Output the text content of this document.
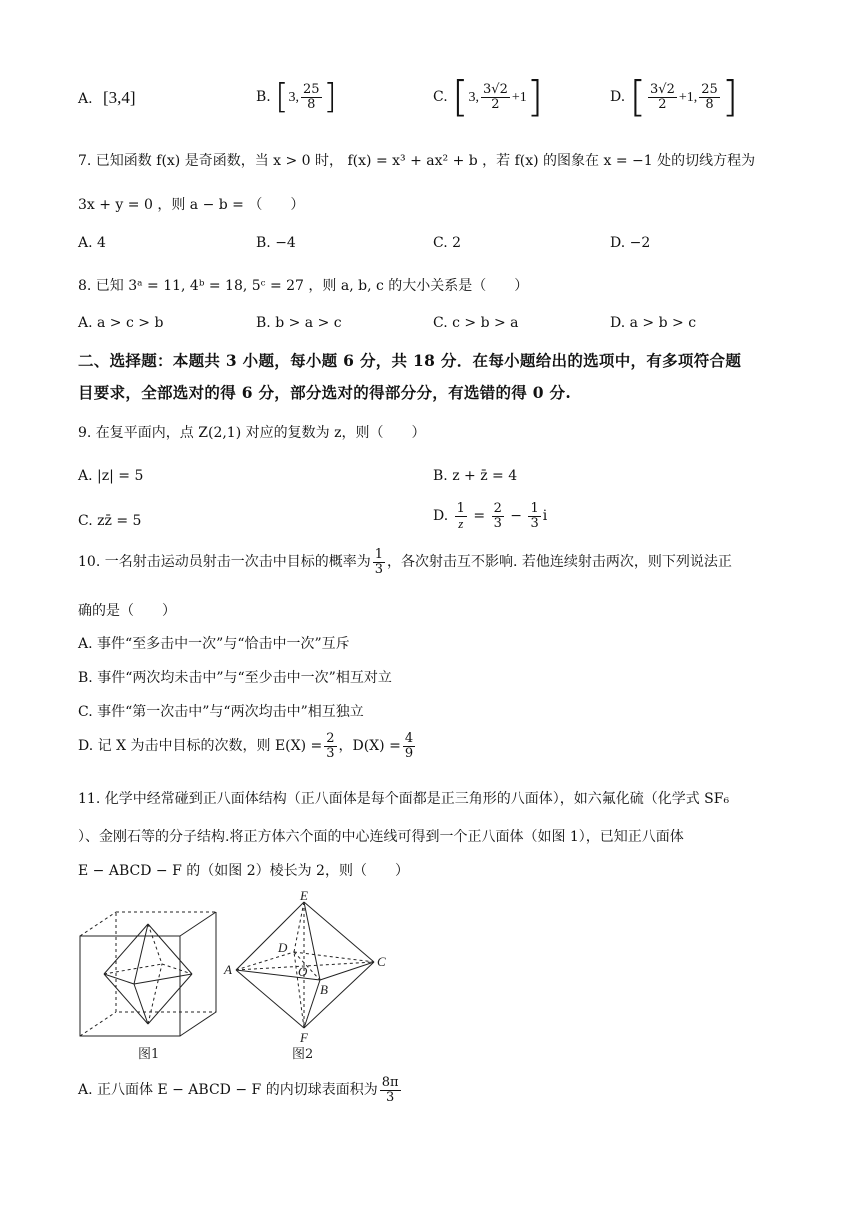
A. [3,4]	B. [3, $\frac{25}{8}$ ]	C. [3, $\frac{3√2}{2} +1$]	D. [ $\frac{3√2}{2} +1$, $\frac{25}{8}$ ]
7. 已知函数 f(x) 是奇函数，当 x > 0 时， f(x) = x³ + ax² + b ，若 f(x) 的图象在 x = −1 处的切线方程为
3x + y = 0 ，则 a − b = （　　）
A. 4	B. −4	C. 2	D. −2
8. 已知 3ᵃ = 11, 4ᵇ = 18, 5ᶜ = 27 ，则 a, b, c 的大小关系是（　　）
A. a > c > b	B. b > a > c	C. c > b > a	D. a > b > c
二、选择题：本题共 3 小题，每小题 6 分，共 18 分．在每小题给出的选项中，有多项符合题
目要求，全部选对的得 6 分，部分选对的得部分分，有选错的得 0 分.
9. 在复平面内，点 Z(2,1) 对应的复数为 z，则（　　）
A. |z| = 5	B. z + z̄ = 4
C. zz̄ = 5	D. $\frac{1}{z} = \frac{2}{3} - \frac{1}{3}$ i
10. 一名射击运动员射击一次击中目标的概率为 $\frac{1}{3}$ ，各次射击互不影响. 若他连续射击两次，则下列说法正
确的是（　　）
A. 事件“至多击中一次”与“恰击中一次”互斥
B. 事件“两次均未击中”与“至少击中一次”相互对立
C. 事件“第一次击中”与“两次均击中”相互独立
D. 记 X 为击中目标的次数，则 $E(X) = \frac{2}{3}$ ，$D(X) = \frac{4}{9}$
11. 化学中经常碰到正八面体结构（正八面体是每个面都是正三角形的八面体），如六氟化硫（化学式 SF₆
）、金刚石等的分子结构.将正方体六个面的中心连线可得到一个正八面体（如图 1），已知正八面体
E − ABCD − F 的（如图 2）棱长为 2，则（　　）
图1
E
F
A
B
C
D
O
图2
A. 正八面体 E − ABCD − F 的内切球表面积为 $\frac{8\pi}{3}$
